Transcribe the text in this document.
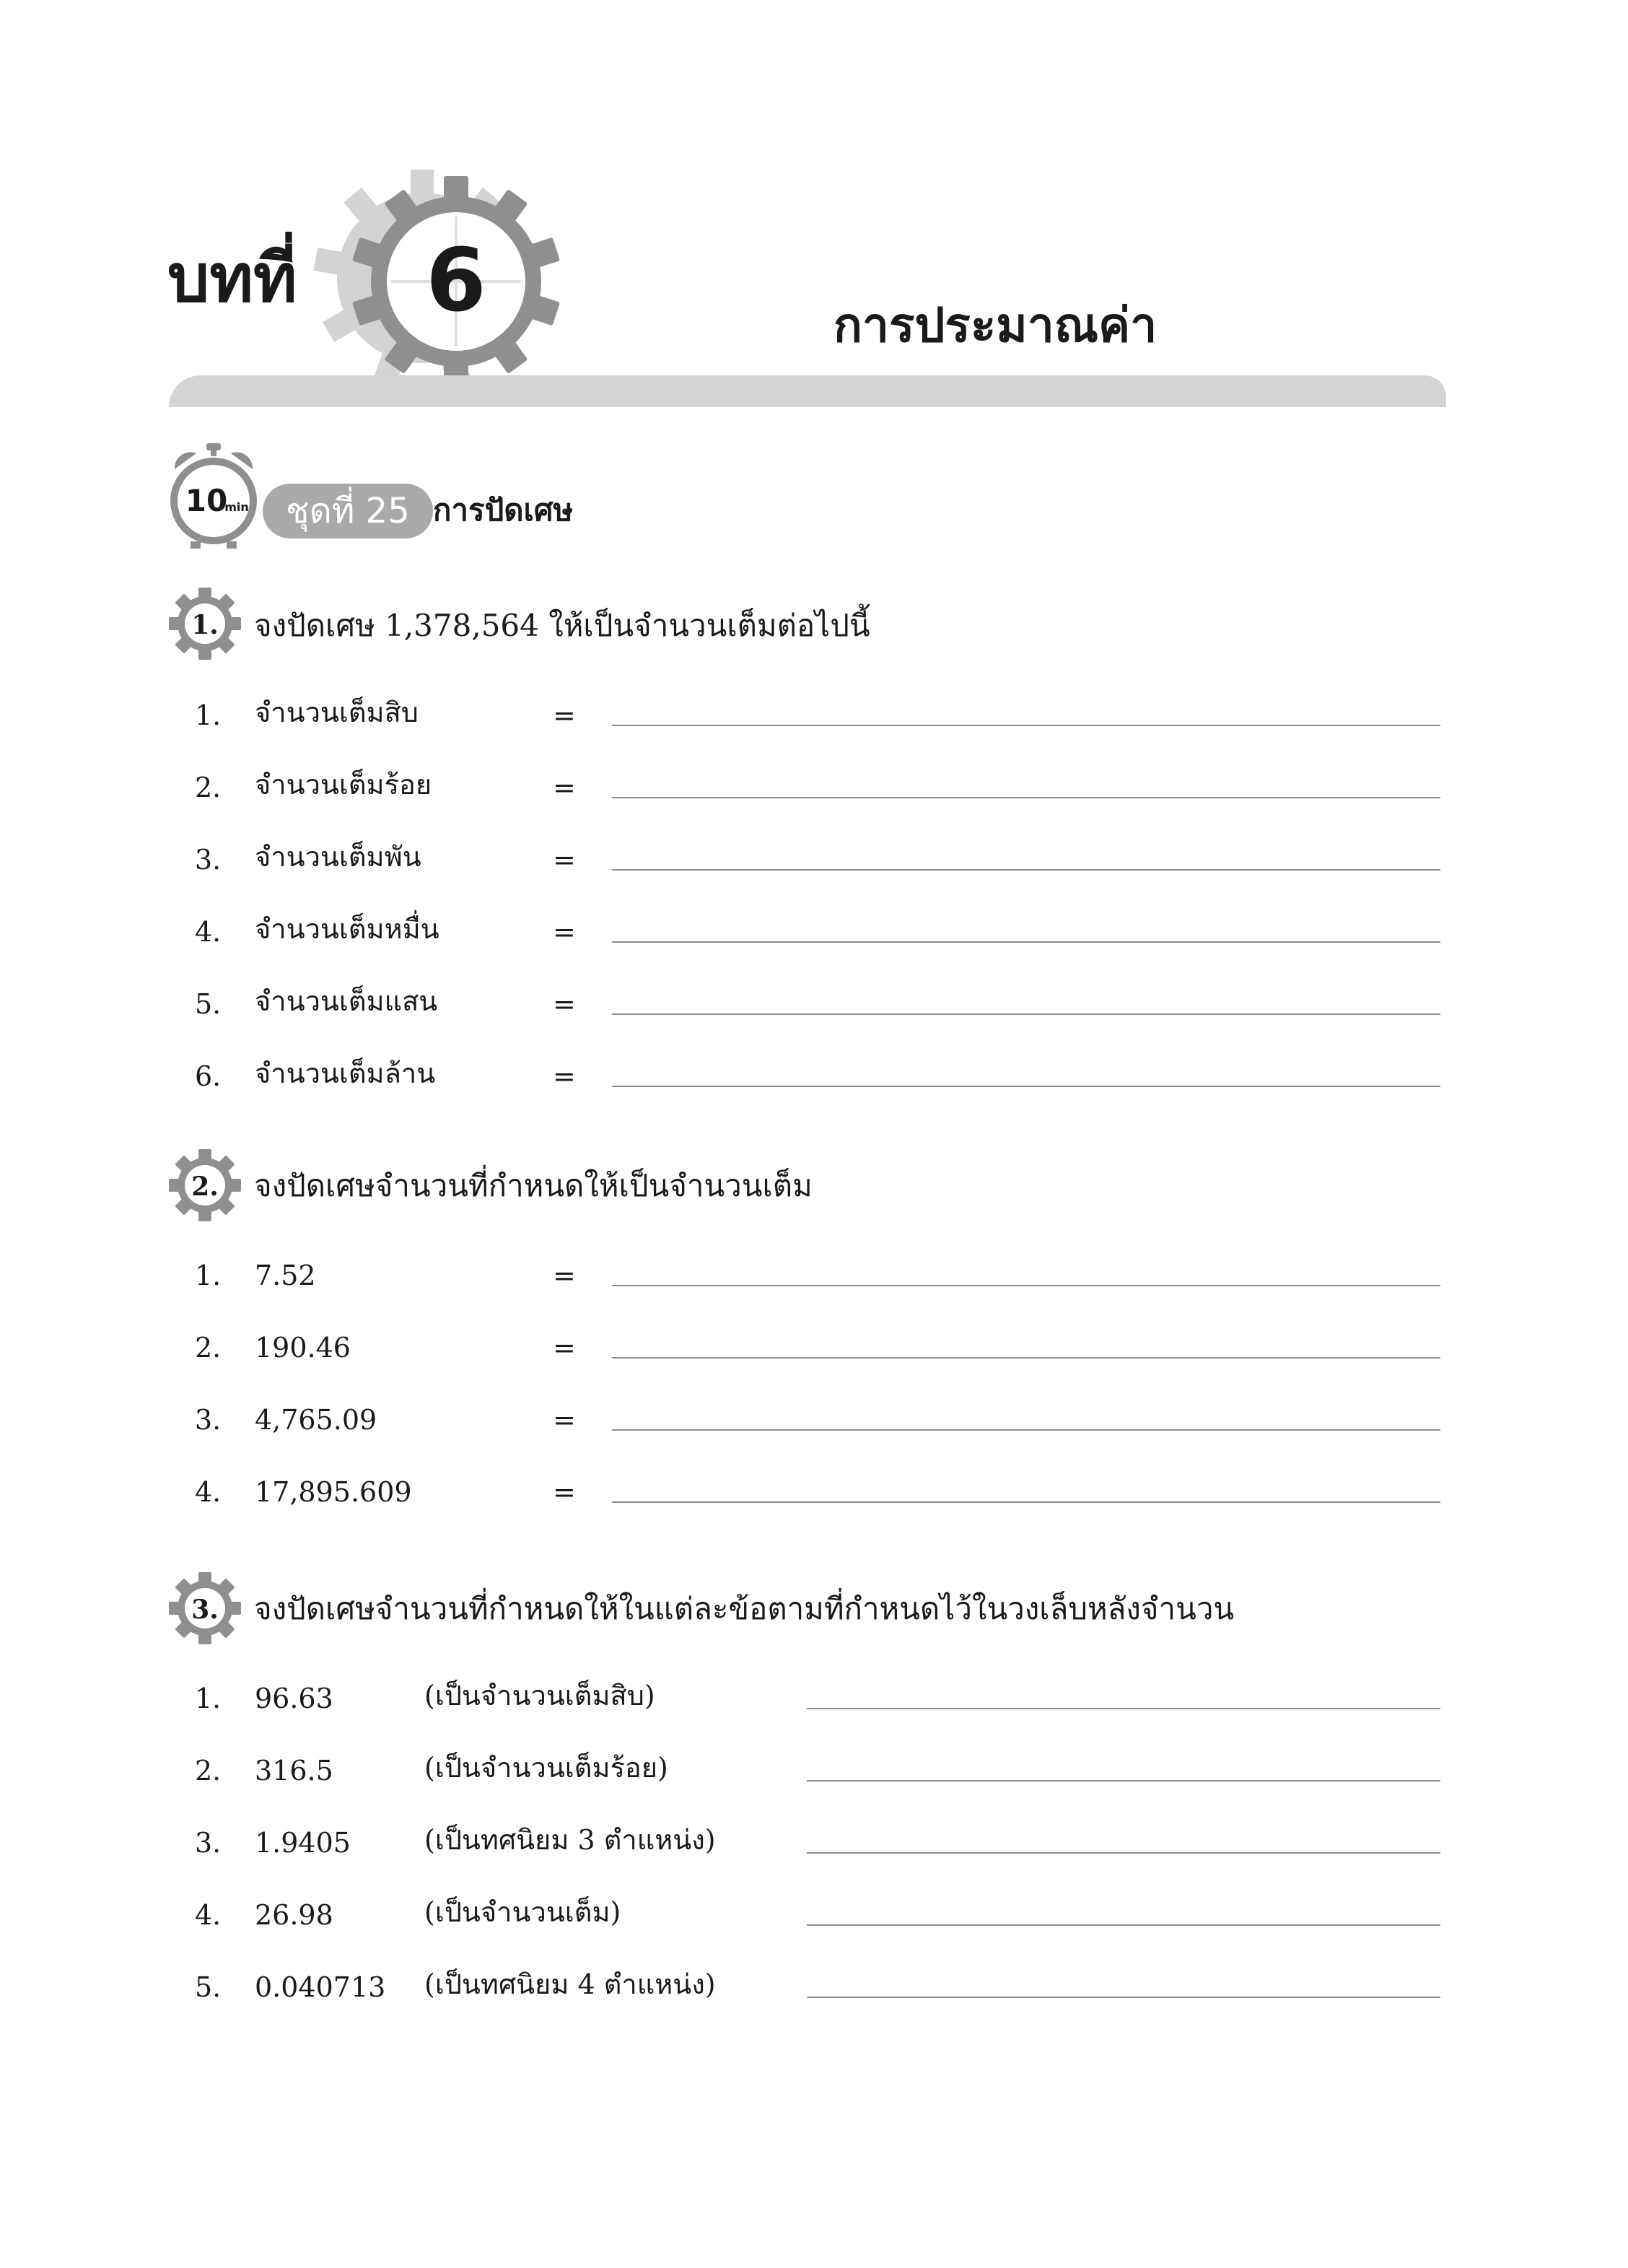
บทที่ 6	การประมาณค่า
10
min	ชุดที่ 25 การปัดเศษ
1.	จงปัดเศษ 1,378,564 ให้เป็นจำนวนเต็มต่อไปนี้
1. จำนวนเต็มสิบ	=
2. จำนวนเต็มร้อย	=
3. จำนวนเต็มพัน	=
4. จำนวนเต็มหมื่น	=
5. จำนวนเต็มแสน	=
6. จำนวนเต็มล้าน	=
2.	จงปัดเศษจำนวนที่กำหนดให้เป็นจำนวนเต็ม
1. 7.52	=
2. 190.46	=
3. 4,765.09	=
4. 17,895.609	=
3.	จงปัดเศษจำนวนที่กำหนดให้ในแต่ละข้อตามที่กำหนดไว้ในวงเล็บหลังจำนวน
1. 96.63	(เป็นจำนวนเต็มสิบ)
2. 316.5	(เป็นจำนวนเต็มร้อย)
3. 1.9405	(เป็นทศนิยม 3 ตำแหน่ง)
4. 26.98	(เป็นจำนวนเต็ม)
5. 0.040713 (เป็นทศนิยม 4 ตำแหน่ง)
